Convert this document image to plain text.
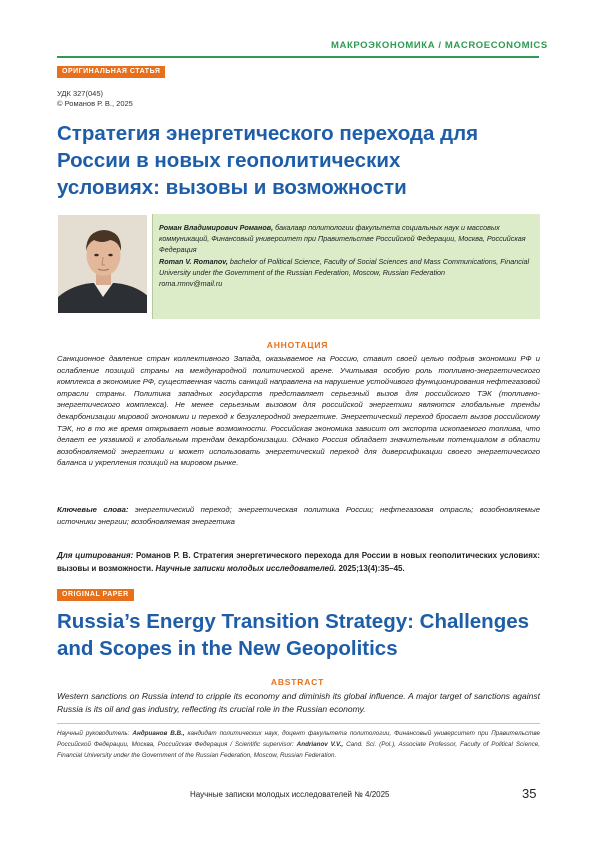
МАКРОЭКОНОМИКА / MACROECONOMICS
ОРИГИНАЛЬНАЯ СТАТЬЯ
УДК 327(045)
© Романов Р. В., 2025
Стратегия энергетического перехода для России в новых геополитических условиях: вызовы и возможности

Роман Владимирович Романов, бакалавр политологии факультета социальных наук и массовых коммуникаций, Финансовый университет при Правительстве Российской Федерации, Москва, Российская Федерация

Roman V. Romanov, bachelor of Political Science, Faculty of Social Sciences and Mass Communications, Financial University under the Government of the Russian Federation, Moscow, Russian Federation

roma.rmnv@mail.ru

АННОТАЦИЯ

Санкционное давление стран коллективного Запада, оказываемое на Россию, ставит своей целью подрыв экономики РФ и ослабление позиций страны на международной политической арене. Учитывая особую роль топливно-энергетического комплекса в экономике РФ, существенная часть санкций направлена на нарушение устойчивого функционирования нефтегазовой отрасли страны. Политика западных государств представляет серьезный вызов для российского ТЭК (топливно-энергетического комплекса). Не менее серьезным вызовом для российской энергетики являются глобальные тренды декарбонизации мировой экономики и переход к безуглеродной энергетике. Энергетический переход бросает вызов российскому ТЭК, но в то же время открывает новые возможности. Российская экономика зависит от экспорта ископаемого топлива, что делает ее уязвимой к глобальным трендам декарбонизации. Однако Россия обладает значительным потенциалом в области возобновляемой энергетики и может использовать энергетический переход для диверсификации своего энергетического баланса и укрепления позиций на мировом рынке.

Ключевые слова: энергетический переход; энергетическая политика России; нефтегазовая отрасль; возобновляемые источники энергии; возобновляемая энергетика

Для цитирования: Романов Р. В. Стратегия энергетического перехода для России в новых геополитических условиях: вызовы и возможности. Научные записки молодых исследователей. 2025;13(4):35–45.

ORIGINAL PAPER
Russia’s Energy Transition Strategy: Challenges and Scopes in the New Geopolitics
ABSTRACT

Western sanctions on Russia intend to cripple its economy and diminish its global influence. A major target of sanctions against Russia is its oil and gas industry, reflecting its crucial role in the Russian economy.

Научный руководитель: Андрианов В.В., кандидат политических наук, доцент факультета политологии, Финансовый университет при Правительстве Российской Федерации, Москва, Российская Федерация / Scientific supervisor: Andrianov V.V., Cand. Sci. (Pol.), Associate Professor, Faculty of Political Science, Financial University under the Government of the Russian Federation, Moscow, Russian Federation.

Научные записки молодых исследователей № 4/2025	35
